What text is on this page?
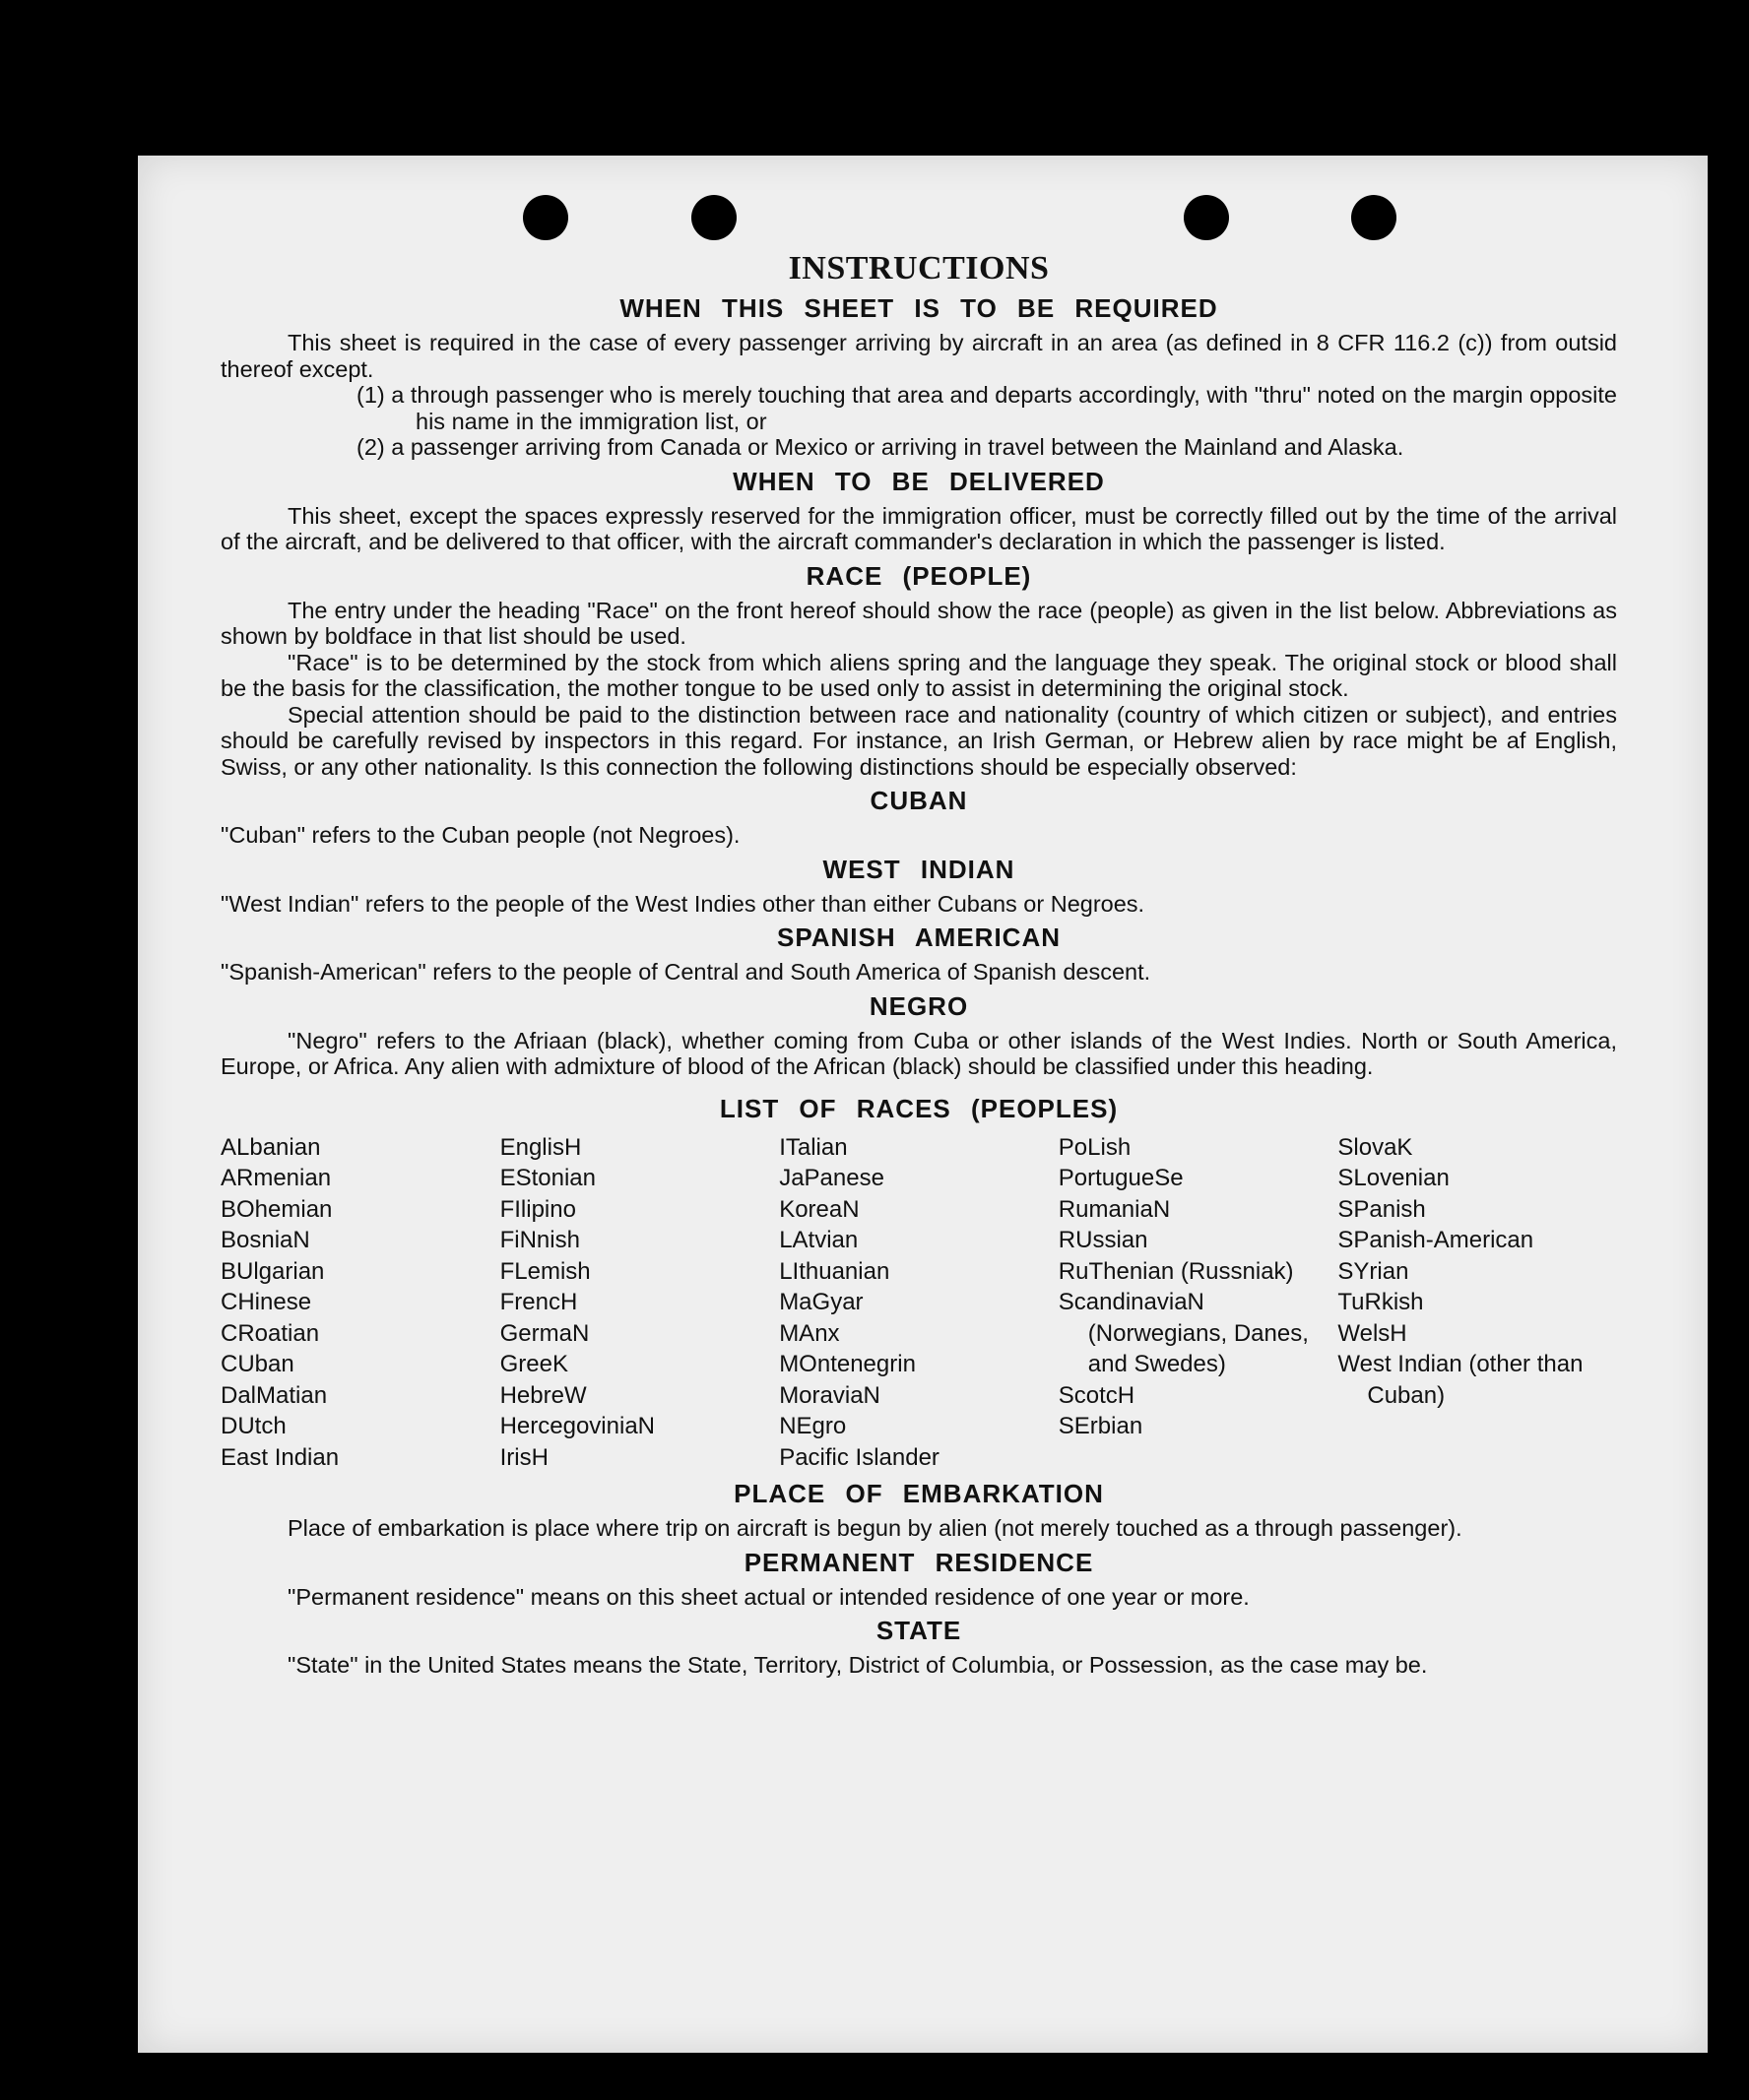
INSTRUCTIONS
WHEN THIS SHEET IS TO BE REQUIRED

This sheet is required in the case of every passenger arriving by aircraft in an area (as defined in 8 CFR 116.2 (c)) from outsid thereof except.

(1) a through passenger who is merely touching that area and departs accordingly, with "thru" noted on the margin opposite his name in the immigration list, or

(2) a passenger arriving from Canada or Mexico or arriving in travel between the Mainland and Alaska.

WHEN TO BE DELIVERED

This sheet, except the spaces expressly reserved for the immigration officer, must be correctly filled out by the time of the arrival of the aircraft, and be delivered to that officer, with the aircraft commander's declaration in which the passenger is listed.

RACE (PEOPLE)

The entry under the heading "Race" on the front hereof should show the race (people) as given in the list below. Abbreviations as shown by boldface in that list should be used.

"Race" is to be determined by the stock from which aliens spring and the language they speak. The original stock or blood shall be the basis for the classification, the mother tongue to be used only to assist in determining the original stock.

Special attention should be paid to the distinction between race and nationality (country of which citizen or subject), and entries should be carefully revised by inspectors in this regard. For instance, an Irish German, or Hebrew alien by race might be af English, Swiss, or any other nationality. Is this connection the following distinctions should be especially observed:

CUBAN

"Cuban" refers to the Cuban people (not Negroes).

WEST INDIAN

"West Indian" refers to the people of the West Indies other than either Cubans or Negroes.

SPANISH AMERICAN

"Spanish-American" refers to the people of Central and South America of Spanish descent.

NEGRO

"Negro" refers to the Afriaan (black), whether coming from Cuba or other islands of the West Indies. North or South America, Europe, or Africa. Any alien with admixture of blood of the African (black) should be classified under this heading.

LIST OF RACES (PEOPLES)
ALbanian
ARmenian
BOhemian
BosniaN
BUlgarian
CHinese
CRoatian
CUban
DalMatian
DUtch
East Indian
EnglisH
EStonian
FIlipino
FiNnish
FLemish
FrencH
GermaN
GreeK
HebreW
HercegoviniaN
IrisH
ITalian
JaPanese
KoreaN
LAtvian
LIthuanian
MaGyar
MAnx
MOntenegrin
MoraviaN
NEgro
Pacific Islander
PoLish
PortugueSe
RumaniaN
RUssian
RuThenian (Russniak)
ScandinaviaN (Norwegians, Danes, and Swedes)
ScotcH
SErbian
SlovaK
SLovenian
SPanish
SPanish-American
SYrian
TuRkish
WelsH
West Indian (other than Cuban)
PLACE OF EMBARKATION

Place of embarkation is place where trip on aircraft is begun by alien (not merely touched as a through passenger).

PERMANENT RESIDENCE

"Permanent residence" means on this sheet actual or intended residence of one year or more.

STATE

"State" in the United States means the State, Territory, District of Columbia, or Possession, as the case may be.
